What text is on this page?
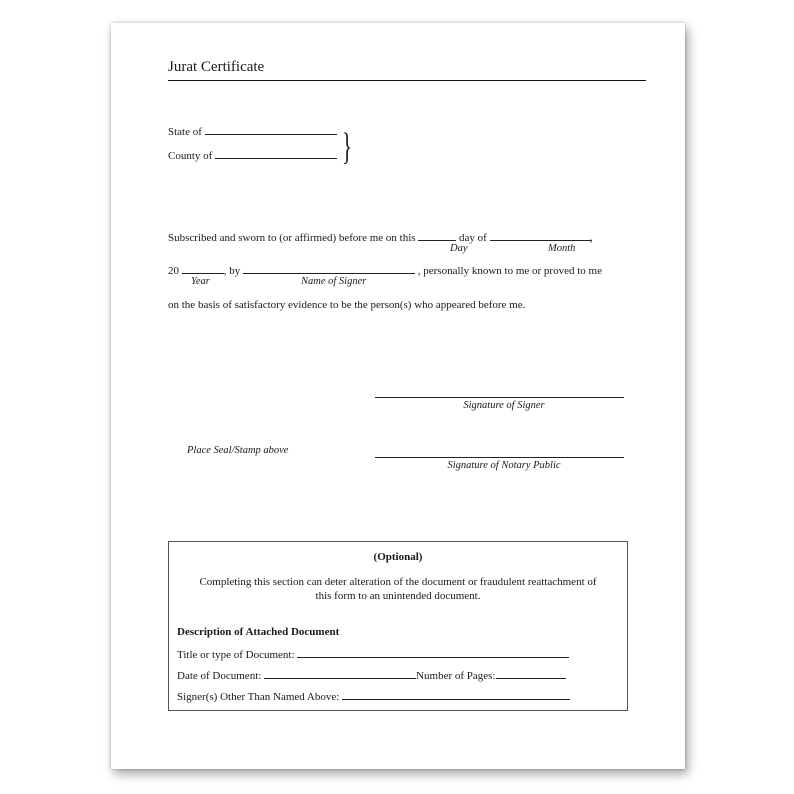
Jurat Certificate
State of
County of	}
Subscribed and sworn to (or affirmed) before me on this	day of	,
Day	Month
20	, by	, personally known to me or proved to me
Year	Name of Signer
on the basis of satisfactory evidence to be the person(s) who appeared before me.
Signature of Signer
Place Seal/Stamp above
Signature of Notary Public
(Optional)
Completing this section can deter alteration of the document or fraudulent reattachment of
this form to an unintended document.
Description of Attached Document
Title or type of Document:
Date of Document:	Number of Pages:
Signer(s) Other Than Named Above:
